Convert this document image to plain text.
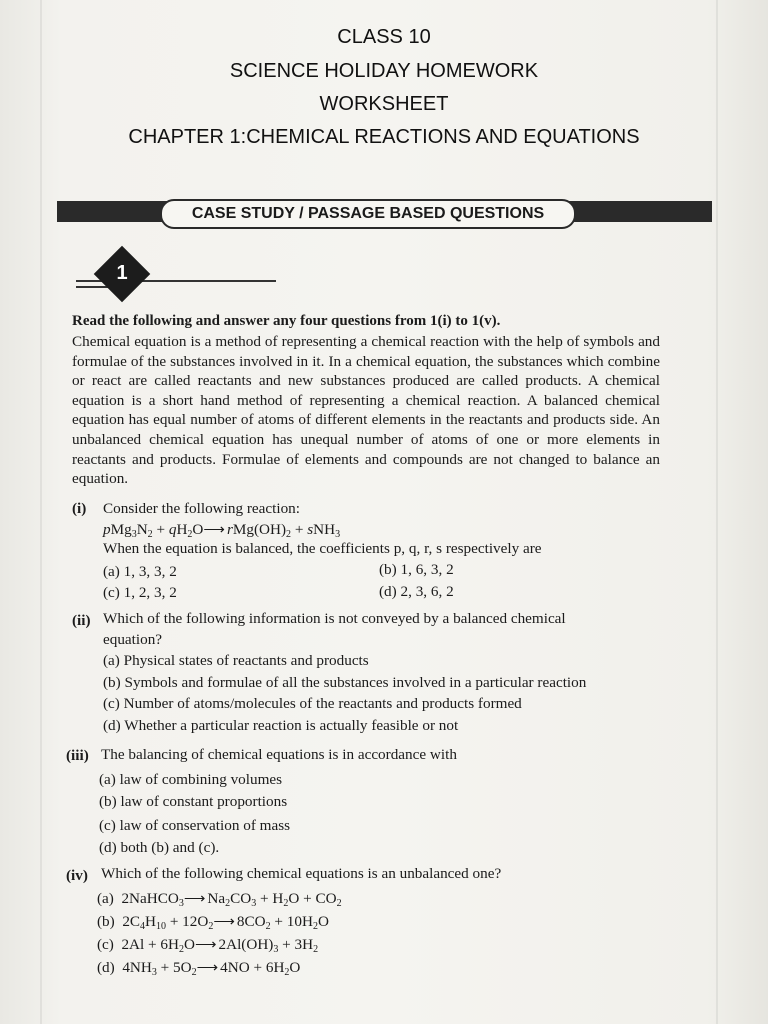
CLASS 10
SCIENCE HOLIDAY HOMEWORK
WORKSHEET
CHAPTER 1:CHEMICAL REACTIONS AND EQUATIONS
CASE STUDY / PASSAGE BASED QUESTIONS
1
Read the following and answer any four questions from 1(i) to 1(v).
Chemical equation is a method of representing a chemical reaction with the help of symbols and formulae of the substances involved in it. In a chemical equation, the substances which combine or react are called reactants and new substances produced are called products. A chemical equation is a short hand method of representing a chemical reaction. A balanced chemical equation has equal number of atoms of different elements in the reactants and products side. An unbalanced chemical equation has unequal number of atoms of one or more elements in reactants and products. Formulae of elements and compounds are not changed to balance an equation.
(i) Consider the following reaction:
$pMg_3N_2$ + $qH_2O⟶$ $rMg(OH)_2 + sNH_3$
When the equation is balanced, the coefficients p, q, r, s respectively are
(a) 1, 3, 3, 2	(b) 1, 6, 3, 2
(c) 1, 2, 3, 2	(d) 2, 3, 6, 2
(ii) Which of the following information is not conveyed by a balanced chemical
equation?
(a) Physical states of reactants and products
(b) Symbols and formulae of all the substances involved in a particular reaction
(c) Number of atoms/molecules of the reactants and products formed
(d) Whether a particular reaction is actually feasible or not
(iii) The balancing of chemical equations is in accordance with
(a) law of combining volumes
(b) law of constant proportions
(c) law of conservation of mass
(d) both (b) and (c).
(iv) Which of the following chemical equations is an unbalanced one?
(a)  2NaHCO$_3$⟶ $Na_2CO_3 + H_2O + CO_2$
(b)  $2C_4H_{10}$ + $12O_2⟶$ $8CO_2 + 10H_2O$
(c)  $2Al + 6H_2O⟶$ $2Al(OH)_3 + 3H_2$
(d)  $4NH_3$ + $5O_2⟶$ $4NO + 6H_2O$
